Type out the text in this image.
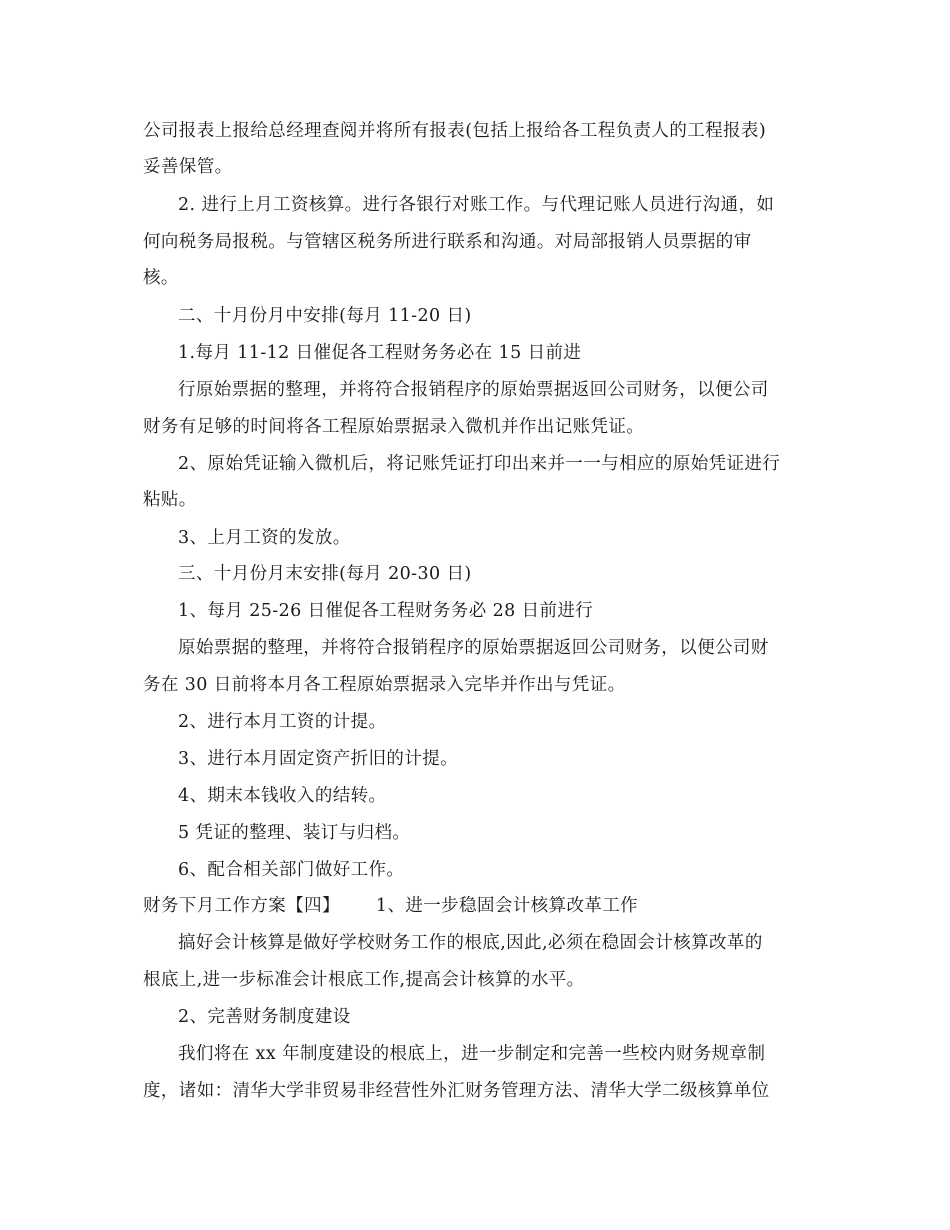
公司报表上报给总经理查阅并将所有报表(包括上报给各工程负责人的工程报表)
妥善保管。
2. 进行上月工资核算。进行各银行对账工作。与代理记账人员进行沟通，如
何向税务局报税。与管辖区税务所进行联系和沟通。对局部报销人员票据的审
核。
二、十月份月中安排(每月 11-20 日)
1.每月 11-12 日催促各工程财务务必在 15 日前进
行原始票据的整理，并将符合报销程序的原始票据返回公司财务，以便公司
财务有足够的时间将各工程原始票据录入微机并作出记账凭证。
2、原始凭证输入微机后，将记账凭证打印出来并一一与相应的原始凭证进行
粘贴。
3、上月工资的发放。
三、十月份月末安排(每月 20-30 日)
1、每月 25-26 日催促各工程财务务必 28 日前进行
原始票据的整理，并将符合报销程序的原始票据返回公司财务，以便公司财
务在 30 日前将本月各工程原始票据录入完毕并作出与凭证。
2、进行本月工资的计提。
3、进行本月固定资产折旧的计提。
4、期末本钱收入的结转。
5 凭证的整理、装订与归档。
6、配合相关部门做好工作。
财务下月工作方案【四】 1、进一步稳固会计核算改革工作
搞好会计核算是做好学校财务工作的根底,因此,必须在稳固会计核算改革的
根底上,进一步标准会计根底工作,提高会计核算的水平。
2、完善财务制度建设
我们将在 xx 年制度建设的根底上，进一步制定和完善一些校内财务规章制
度，诸如：清华大学非贸易非经营性外汇财务管理方法、清华大学二级核算单位
